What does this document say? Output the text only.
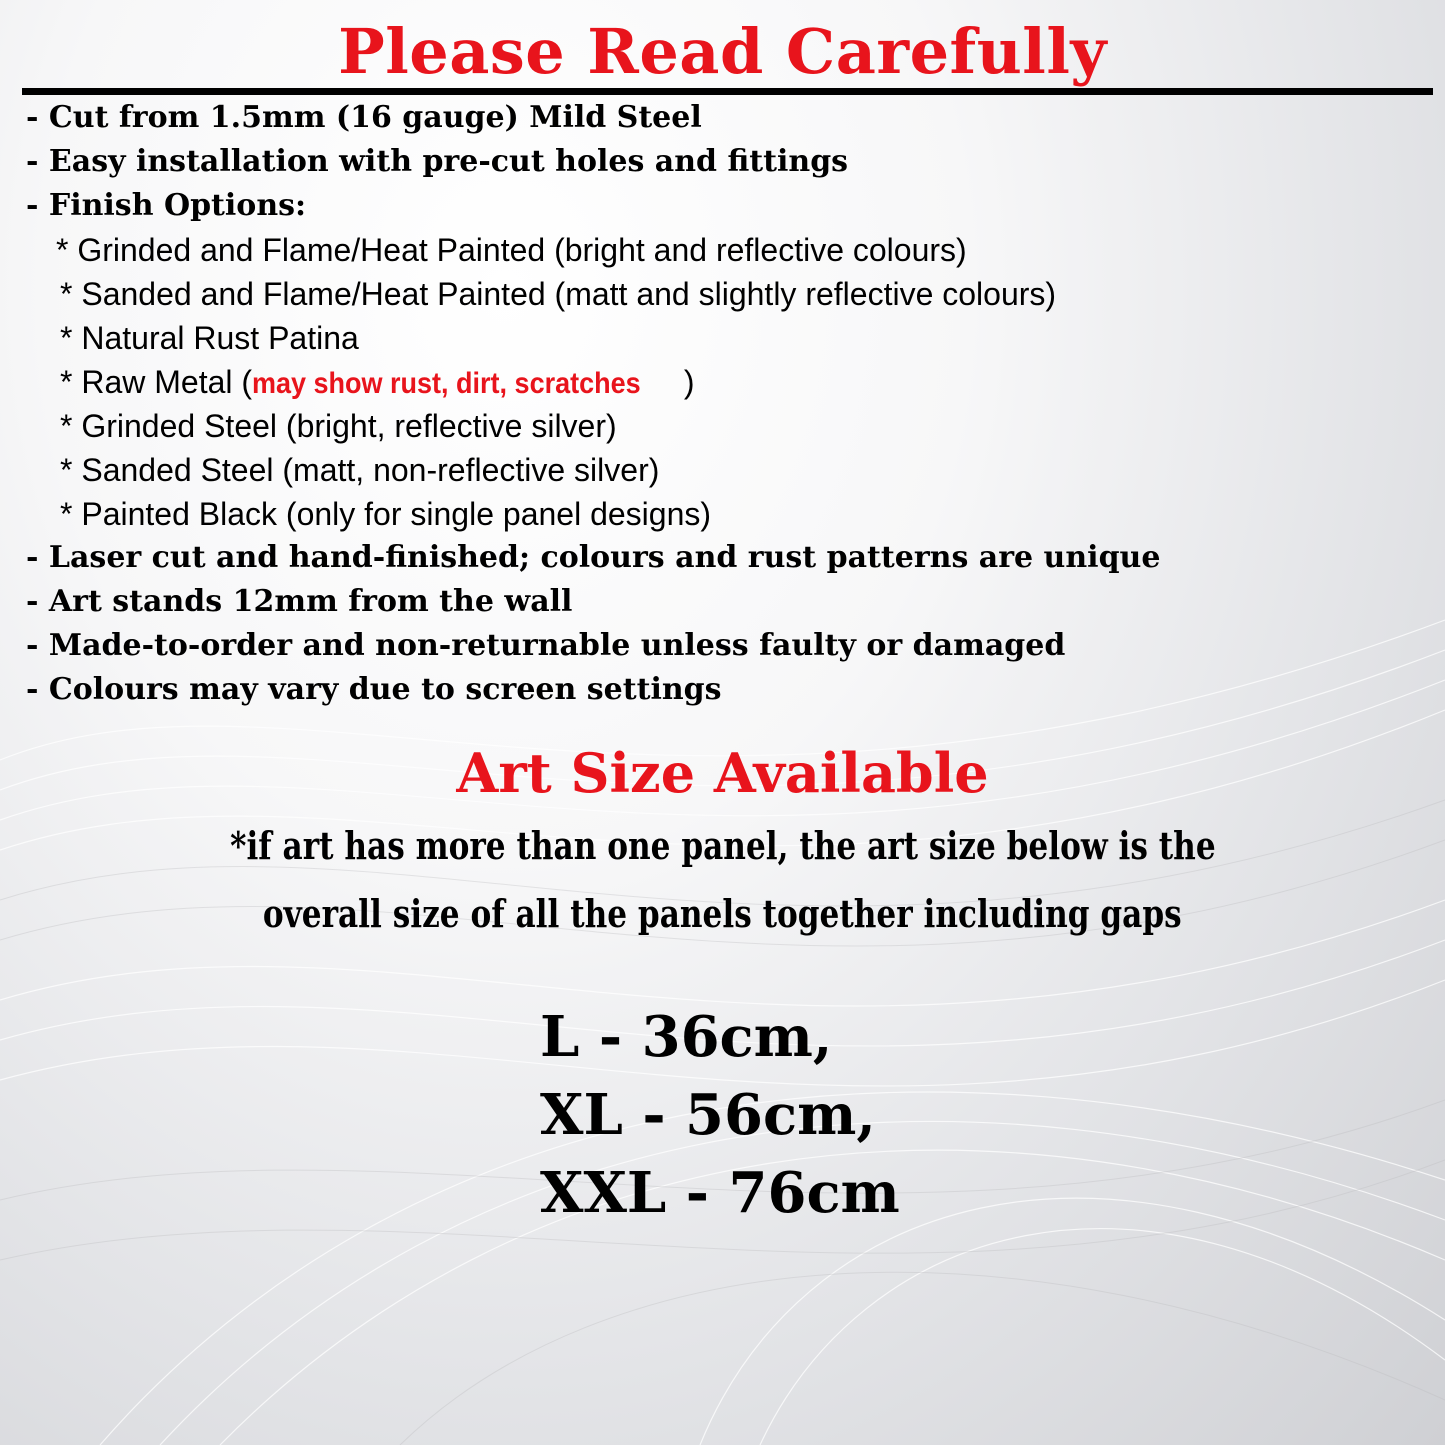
Please Read Carefully
- Cut from 1.5mm (16 gauge) Mild Steel
- Easy installation with pre-cut holes and fittings
- Finish Options:
* Grinded and Flame/Heat Painted (bright and reflective colours)
* Sanded and Flame/Heat Painted (matt and slightly reflective colours)
* Natural Rust Patina
* Raw Metal (may show rust, dirt, scratches )
* Grinded Steel (bright, reflective silver)
* Sanded Steel (matt, non-reflective silver)
* Painted Black (only for single panel designs)
- Laser cut and hand-finished; colours and rust patterns are unique
- Art stands 12mm from the wall
- Made-to-order and non-returnable unless faulty or damaged
- Colours may vary due to screen settings
Art Size Available
*if art has more than one panel, the art size below is the
overall size of all the panels together including gaps
L - 36cm,
XL - 56cm,
XXL - 76cm
